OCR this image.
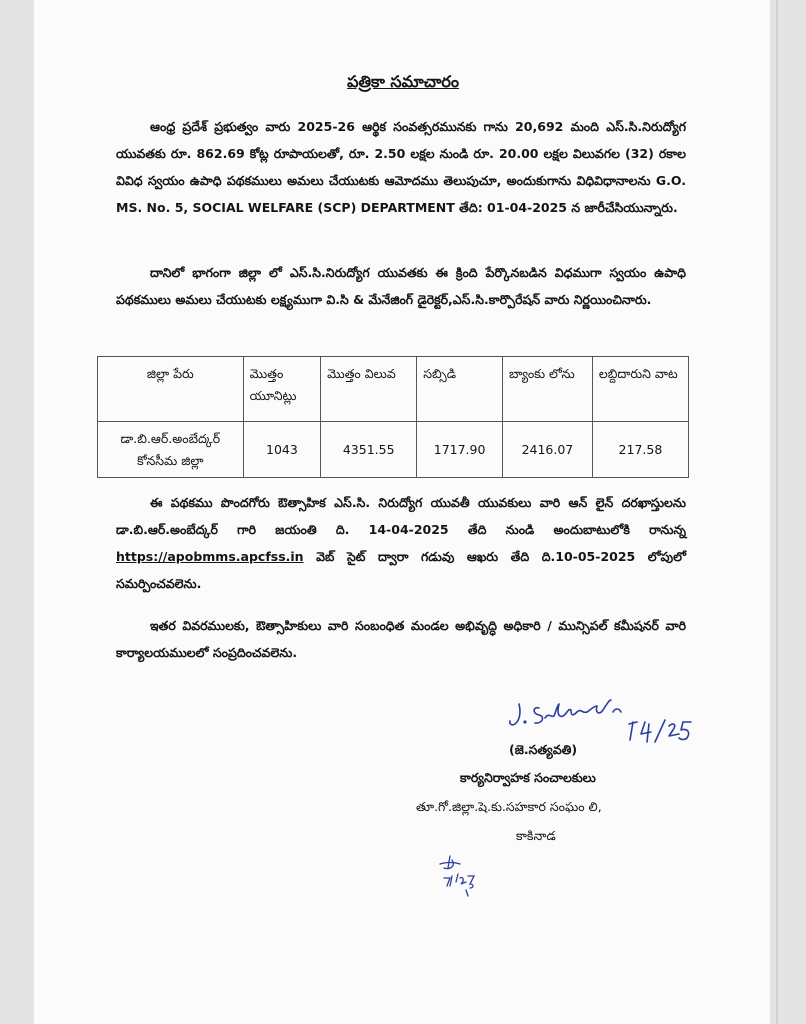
పత్రికా సమాచారం
ఆంధ్ర ప్రదేశ్ ప్రభుత్వం వారు 2025-26 ఆర్థిక సంవత్సరమునకు గాను 20,692 మంది ఎస్.సి.నిరుద్యోగ యువతకు రూ. 862.69 కోట్ల రూపాయలతో, రూ. 2.50 లక్షల నుండి రూ. 20.00 లక్షల విలువగల (32) రకాల వివిధ స్వయం ఉపాధి పథకములు అమలు చేయుటకు ఆమోదము తెలుపుచూ, అందుకుగాను విధివిధానాలను G.O. MS. No. 5, SOCIAL WELFARE (SCP) DEPARTMENT తేది: 01-04-2025 న జారీచేసియున్నారు.
దానిలో భాగంగా జిల్లా లో ఎస్.సి.నిరుద్యోగ యువతకు ఈ క్రింది పేర్కొనబడిన విధముగా స్వయం ఉపాధి పథకములు అమలు చేయుటకు లక్ష్యముగా వి.సి & మేనేజింగ్ డైరెక్టర్,ఎస్.సి.కార్పొరేషన్ వారు నిర్ణయించినారు.
జిల్లా పేరు	మొత్తం యూనిట్లు	మొత్తం విలువ	సబ్సిడి	బ్యాంకు లోను	లబ్దిదారుని వాట
డా.బి.ఆర్.అంబేద్కర్ కోనసీమ జిల్లా	1043	4351.55	1717.90	2416.07	217.58
ఈ పథకము పొందగోరు ఔత్సాహిక ఎస్.సి. నిరుద్యోగ యువతీ యువకులు వారి ఆన్ లైన్ దరఖాస్తులను డా.బి.ఆర్.అంబేద్కర్ గారి జయంతి ది. 14-04-2025 తేది నుండి అందుబాటులోకి రానున్న https://apobmms.apcfss.in వెబ్ సైట్ ద్వారా గడువు ఆఖరు తేది ది.10-05-2025 లోపులో సమర్పించవలెను.
ఇతర వివరములకు, ఔత్సాహికులు వారి సంబంధిత మండల అభివృద్ధి అధికారి / మున్సిపల్ కమీషనర్ వారి కార్యాలయములలో సంప్రదించవలెను.
(జె.సత్యవతి)
కార్యనిర్వాహక సంచాలకులు
తూ.గో.జిల్లా.షె.కు.సహకార సంఘం లి,
కాకినాడ
